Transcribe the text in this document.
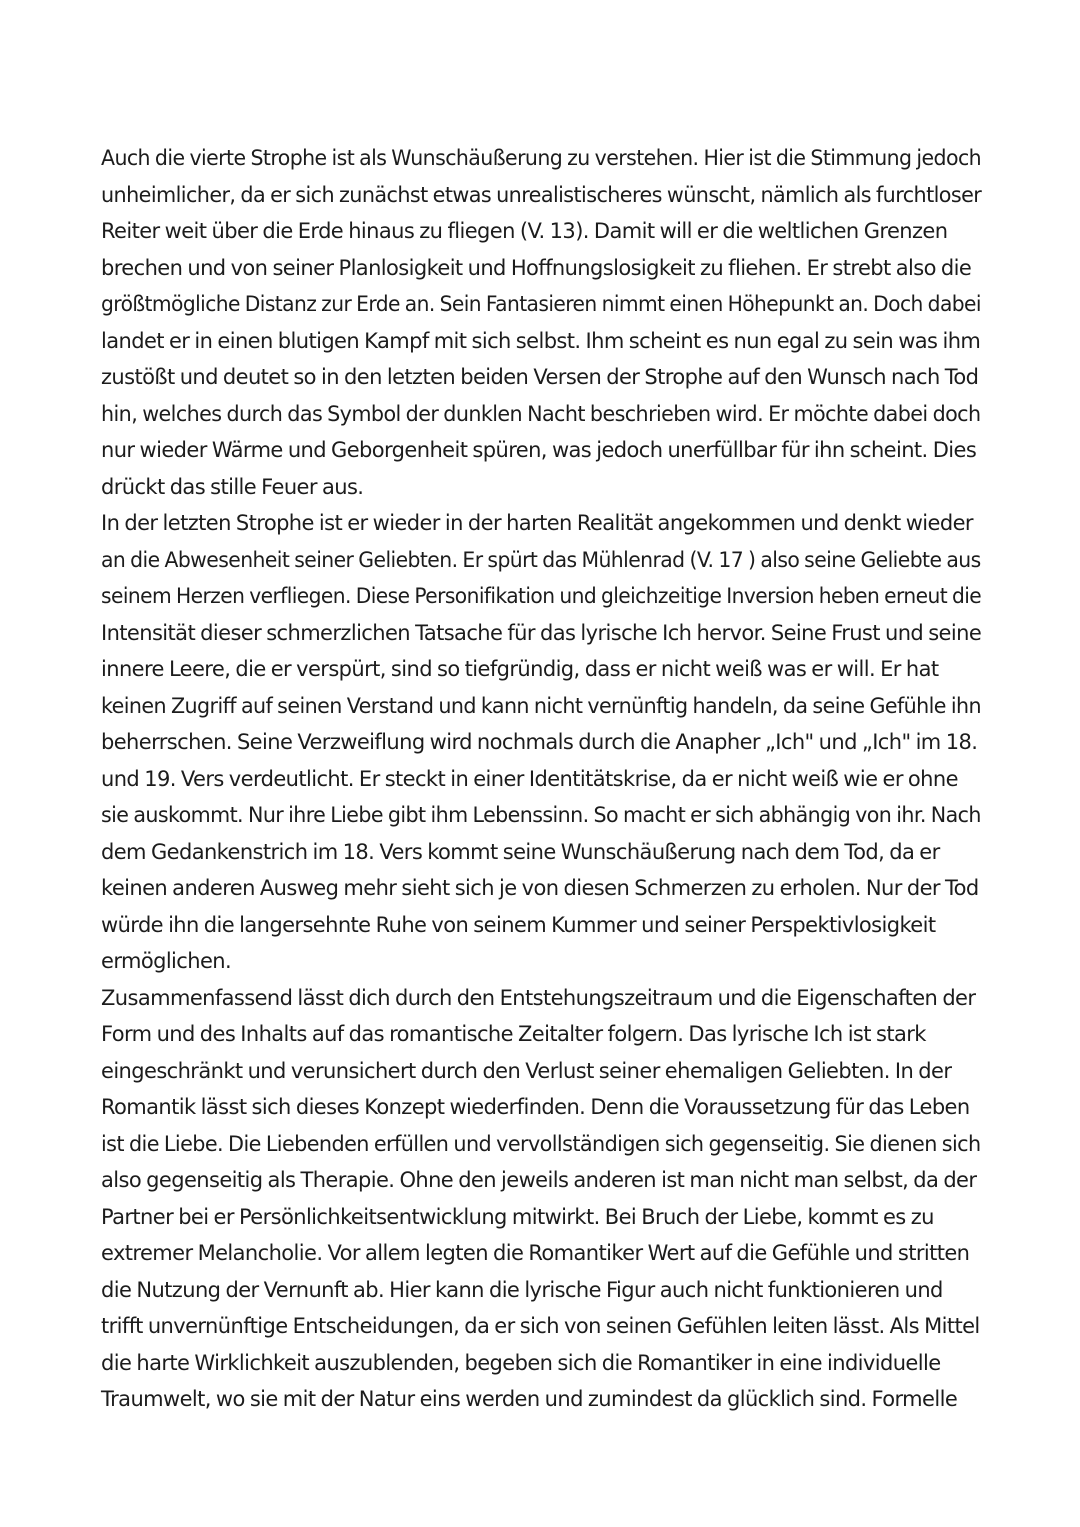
Auch die vierte Strophe ist als Wunschäußerung zu verstehen. Hier ist die Stimmung jedoch unheimlicher, da er sich zunächst etwas unrealistischeres wünscht, nämlich als furchtloser
Reiter weit über die Erde hinaus zu fliegen (V. 13). Damit will er die weltlichen Grenzen
brechen und von seiner Planlosigkeit und Hoffnungslosigkeit zu fliehen. Er strebt also die
größtmögliche Distanz zur Erde an. Sein Fantasieren nimmt einen Höhepunkt an. Doch dabei
landet er in einen blutigen Kampf mit sich selbst. Ihm scheint es nun egal zu sein was ihm
zustößt und deutet so in den letzten beiden Versen der Strophe auf den Wunsch nach Tod
hin, welches durch das Symbol der dunklen Nacht beschrieben wird. Er möchte dabei doch
nur wieder Wärme und Geborgenheit spüren, was jedoch unerfüllbar für ihn scheint. Dies
drückt das stille Feuer aus.
In der letzten Strophe ist er wieder in der harten Realität angekommen und denkt wieder
an die Abwesenheit seiner Geliebten. Er spürt das Mühlenrad (V. 17 ) also seine Geliebte aus seinem Herzen verfliegen. Diese Personifikation und gleichzeitige Inversion heben erneut die
Intensität dieser schmerzlichen Tatsache für das lyrische Ich hervor. Seine Frust und seine
innere Leere, die er verspürt, sind so tiefgründig, dass er nicht weiß was er will. Er hat
keinen Zugriff auf seinen Verstand und kann nicht vernünftig handeln, da seine Gefühle ihn
beherrschen. Seine Verzweiflung wird nochmals durch die Anapher „Ich" und „Ich" im 18.
und 19. Vers verdeutlicht. Er steckt in einer Identitätskrise, da er nicht weiß wie er ohne
sie auskommt. Nur ihre Liebe gibt ihm Lebenssinn. So macht er sich abhängig von ihr. Nach
dem Gedankenstrich im 18. Vers kommt seine Wunschäußerung nach dem Tod, da er
keinen anderen Ausweg mehr sieht sich je von diesen Schmerzen zu erholen. Nur der Tod
würde ihn die langersehnte Ruhe von seinem Kummer und seiner Perspektivlosigkeit
ermöglichen.
Zusammenfassend lässt dich durch den Entstehungszeitraum und die Eigenschaften der
Form und des Inhalts auf das romantische Zeitalter folgern. Das lyrische Ich ist stark
eingeschränkt und verunsichert durch den Verlust seiner ehemaligen Geliebten. In der
Romantik lässt sich dieses Konzept wiederfinden. Denn die Voraussetzung für das Leben
ist die Liebe. Die Liebenden erfüllen und vervollständigen sich gegenseitig. Sie dienen sich
also gegenseitig als Therapie. Ohne den jeweils anderen ist man nicht man selbst, da der
Partner bei er Persönlichkeitsentwicklung mitwirkt. Bei Bruch der Liebe, kommt es zu
extremer Melancholie. Vor allem legten die Romantiker Wert auf die Gefühle und stritten
die Nutzung der Vernunft ab. Hier kann die lyrische Figur auch nicht funktionieren und
trifft unvernünftige Entscheidungen, da er sich von seinen Gefühlen leiten lässt. Als Mittel
die harte Wirklichkeit auszublenden, begeben sich die Romantiker in eine individuelle
Traumwelt, wo sie mit der Natur eins werden und zumindest da glücklich sind. Formelle
